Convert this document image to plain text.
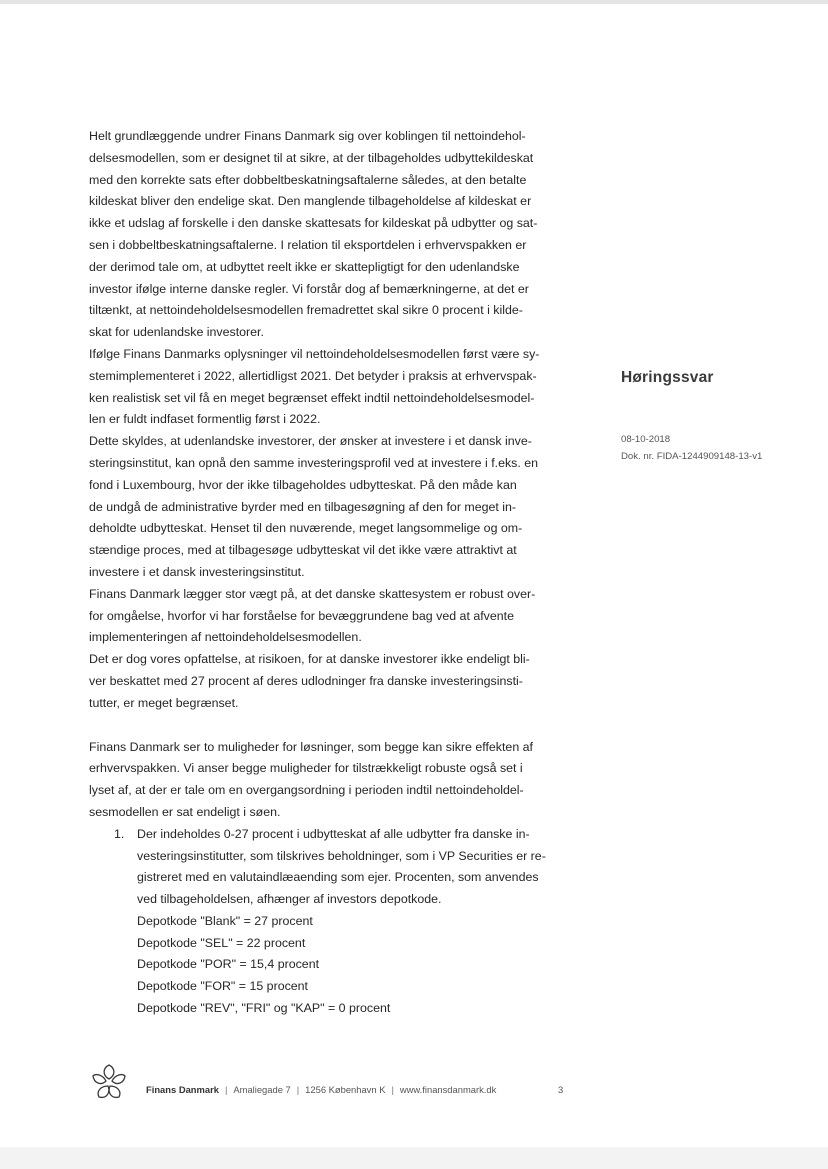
Helt grundlæggende undrer Finans Danmark sig over koblingen til nettoindehol-
delsesmodellen, som er designet til at sikre, at der tilbageholdes udbyttekildeskat
med den korrekte sats efter dobbeltbeskatningsaftalerne således, at den betalte
kildeskat bliver den endelige skat. Den manglende tilbageholdelse af kildeskat er
ikke et udslag af forskelle i den danske skattesats for kildeskat på udbytter og sat-
sen i dobbeltbeskatningsaftalerne. I relation til eksportdelen i erhvervspakken er
der derimod tale om, at udbyttet reelt ikke er skattepligtigt for den udenlandske
investor ifølge interne danske regler. Vi forstår dog af bemærkningerne, at det er
tiltænkt, at nettoindeholdelsesmodellen fremadrettet skal sikre 0 procent i kilde-
skat for udenlandske investorer.

Ifølge Finans Danmarks oplysninger vil nettoindeholdelsesmodellen først være sy-
stemimplementeret i 2022, allertidligst 2021. Det betyder i praksis at erhvervspak-
ken realistisk set vil få en meget begrænset effekt indtil nettoindeholdelsesmodel-
len er fuldt indfaset formentlig først i 2022.

Dette skyldes, at udenlandske investorer, der ønsker at investere i et dansk inve-
steringsinstitut, kan opnå den samme investeringsprofil ved at investere i f.eks. en
fond i Luxembourg, hvor der ikke tilbageholdes udbytteskat. På den måde kan
de undgå de administrative byrder med en tilbagesøgning af den for meget in-
deholdte udbytteskat. Henset til den nuværende, meget langsommelige og om-
stændige proces, med at tilbagesøge udbytteskat vil det ikke være attraktivt at
investere i et dansk investeringsinstitut.

Finans Danmark lægger stor vægt på, at det danske skattesystem er robust over-
for omgåelse, hvorfor vi har forståelse for bevæggrundene bag ved at afvente
implementeringen af nettoindeholdelsesmodellen.

Det er dog vores opfattelse, at risikoen, for at danske investorer ikke endeligt bli-
ver beskattet med 27 procent af deres udlodninger fra danske investeringsinsti-
tutter, er meget begrænset.

Finans Danmark ser to muligheder for løsninger, som begge kan sikre effekten af
erhvervspakken. Vi anser begge muligheder for tilstrækkeligt robuste også set i
lyset af, at der er tale om en overgangsordning i perioden indtil nettoindeholdel-
sesmodellen er sat endeligt i søen.

1. Der indeholdes 0-27 procent i udbytteskat af alle udbytter fra danske in-
vesteringsinstitutter, som tilskrives beholdninger, som i VP Securities er re-
gistreret med en valutaindlæaending som ejer. Procenten, som anvendes
ved tilbageholdelsen, afhænger af investors depotkode.
Depotkode "Blank" = 27 procent
Depotkode "SEL" = 22 procent
Depotkode "POR" = 15,4 procent
Depotkode "FOR" = 15 procent
Depotkode "REV", "FRI" og "KAP" = 0 procent
Høringssvar
08-10-2018
Dok. nr. FIDA-1244909148-13-v1
Finans Danmark | Amaliegade 7 | 1256 København K | www.finansdanmark.dk	3
